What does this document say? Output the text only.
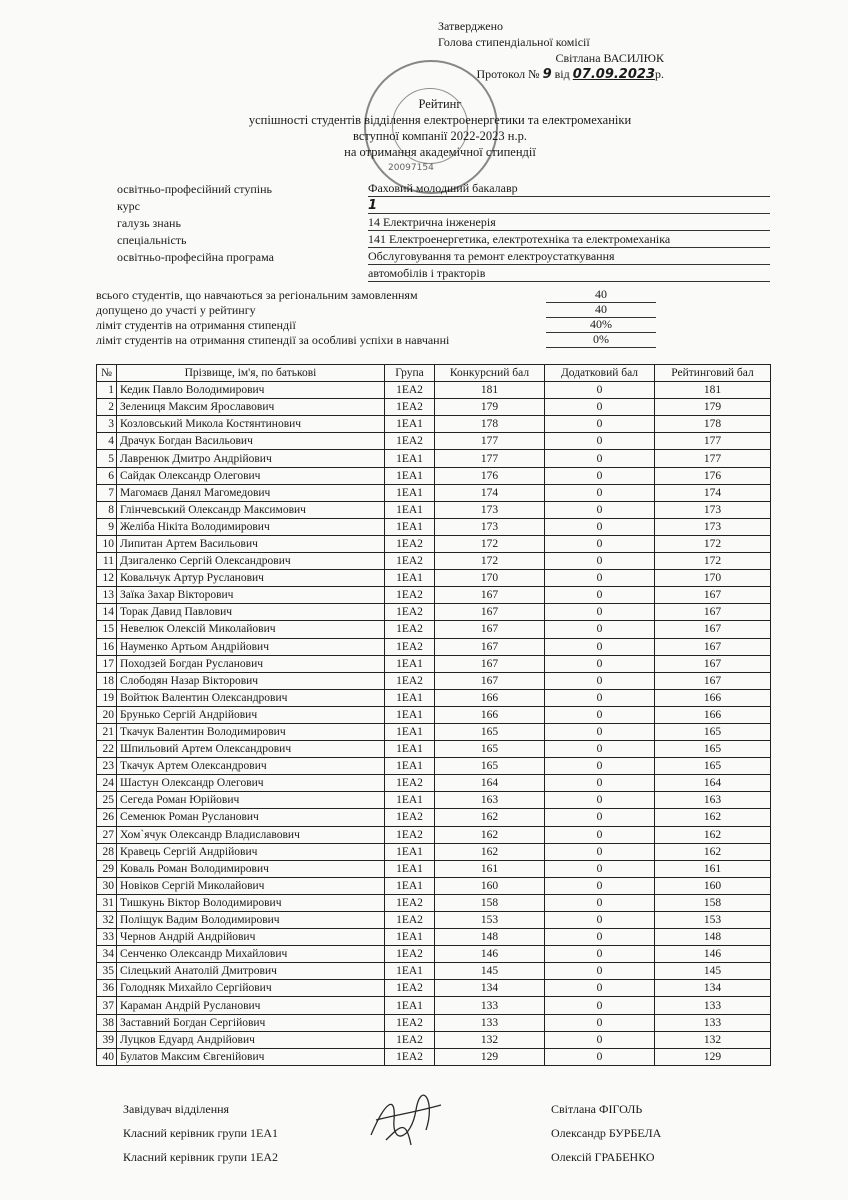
20097154
Затверджено
Голова стипендіальної комісії
Світлана ВАСИЛЮК
Протокол № 9 від 07.09.2023р.
Рейтинг
успішності студентів відділення електроенергетики та електромеханіки
вступної компанії 2022-2023 н.р.
на отримання академічної стипендії
освітньо-професійний ступінь	Фаховий молодший бакалавр
курс	1
галузь знань	14 Електрична інженерія
спеціальність	141 Електроенергетика, електротехніка та електромеханіка
освітньо-професійна програма	Обслуговування та ремонт електроустаткування
автомобілів і тракторів
всього студентів, що навчаються за регіональним замовленням	40
допущено до участі у рейтингу	40
ліміт студентів на отримання стипендії	40%
ліміт студентів на отримання стипендії за особливі успіхи в навчанні	0%
№	Прізвище, ім'я, по батькові	Група	Конкурсний бал	Додатковий бал	Рейтинговий бал
1	Кедик Павло Володимирович	1ЕА2	181	0	181
2	Зелениця Максим Ярославович	1ЕА2	179	0	179
3	Козловський Микола Костянтинович	1ЕА1	178	0	178
4	Драчук Богдан Васильович	1ЕА2	177	0	177
5	Лавренюк Дмитро Андрійович	1ЕА1	177	0	177
6	Сайдак Олександр Олегович	1ЕА1	176	0	176
7	Магомаєв Данял Магомедович	1ЕА1	174	0	174
8	Глінчевський Олександр Максимович	1ЕА1	173	0	173
9	Желіба Нікіта Володимирович	1ЕА1	173	0	173
10	Липитан Артем Васильович	1ЕА2	172	0	172
11	Дзигаленко Сергій Олександрович	1ЕА2	172	0	172
12	Ковальчук Артур Русланович	1ЕА1	170	0	170
13	Заїка Захар Вікторович	1ЕА2	167	0	167
14	Торак Давид Павлович	1ЕА2	167	0	167
15	Невелюк Олексій Миколайович	1ЕА2	167	0	167
16	Науменко Артьом Андрійович	1ЕА2	167	0	167
17	Походзей Богдан Русланович	1ЕА1	167	0	167
18	Слободян Назар Вікторович	1ЕА2	167	0	167
19	Войтюк Валентин Олександрович	1ЕА1	166	0	166
20	Брунько Сергій Андрійович	1ЕА1	166	0	166
21	Ткачук Валентин Володимирович	1ЕА1	165	0	165
22	Шпильовий Артем Олександрович	1ЕА1	165	0	165
23	Ткачук Артем Олександрович	1ЕА1	165	0	165
24	Шастун Олександр Олегович	1ЕА2	164	0	164
25	Сегеда Роман Юрійович	1ЕА1	163	0	163
26	Семенюк Роман Русланович	1ЕА2	162	0	162
27	Хом`ячук Олександр Владиславович	1ЕА2	162	0	162
28	Кравець Сергій Андрійович	1ЕА1	162	0	162
29	Коваль Роман Володимирович	1ЕА1	161	0	161
30	Новіков Сергій Миколайович	1ЕА1	160	0	160
31	Тишкунь Віктор Володимирович	1ЕА2	158	0	158
32	Поліщук Вадим Володимирович	1ЕА2	153	0	153
33	Чернов Андрій Андрійович	1ЕА1	148	0	148
34	Сенченко Олександр Михайлович	1ЕА2	146	0	146
35	Сілецький Анатолій Дмитрович	1ЕА1	145	0	145
36	Голодняк Михайло Сергійович	1ЕА2	134	0	134
37	Караман Андрій Русланович	1ЕА1	133	0	133
38	Заставний Богдан Сергійович	1ЕА2	133	0	133
39	Луцков Едуард Андрійович	1ЕА2	132	0	132
40	Булатов Максим Євгенійович	1ЕА2	129	0	129
Завідувач відділення	Світлана ФІГОЛЬ
Класний керівник групи 1ЕА1	Олександр БУРБЕЛА
Класний керівник групи 1ЕА2	Олексій ГРАБЕНКО
